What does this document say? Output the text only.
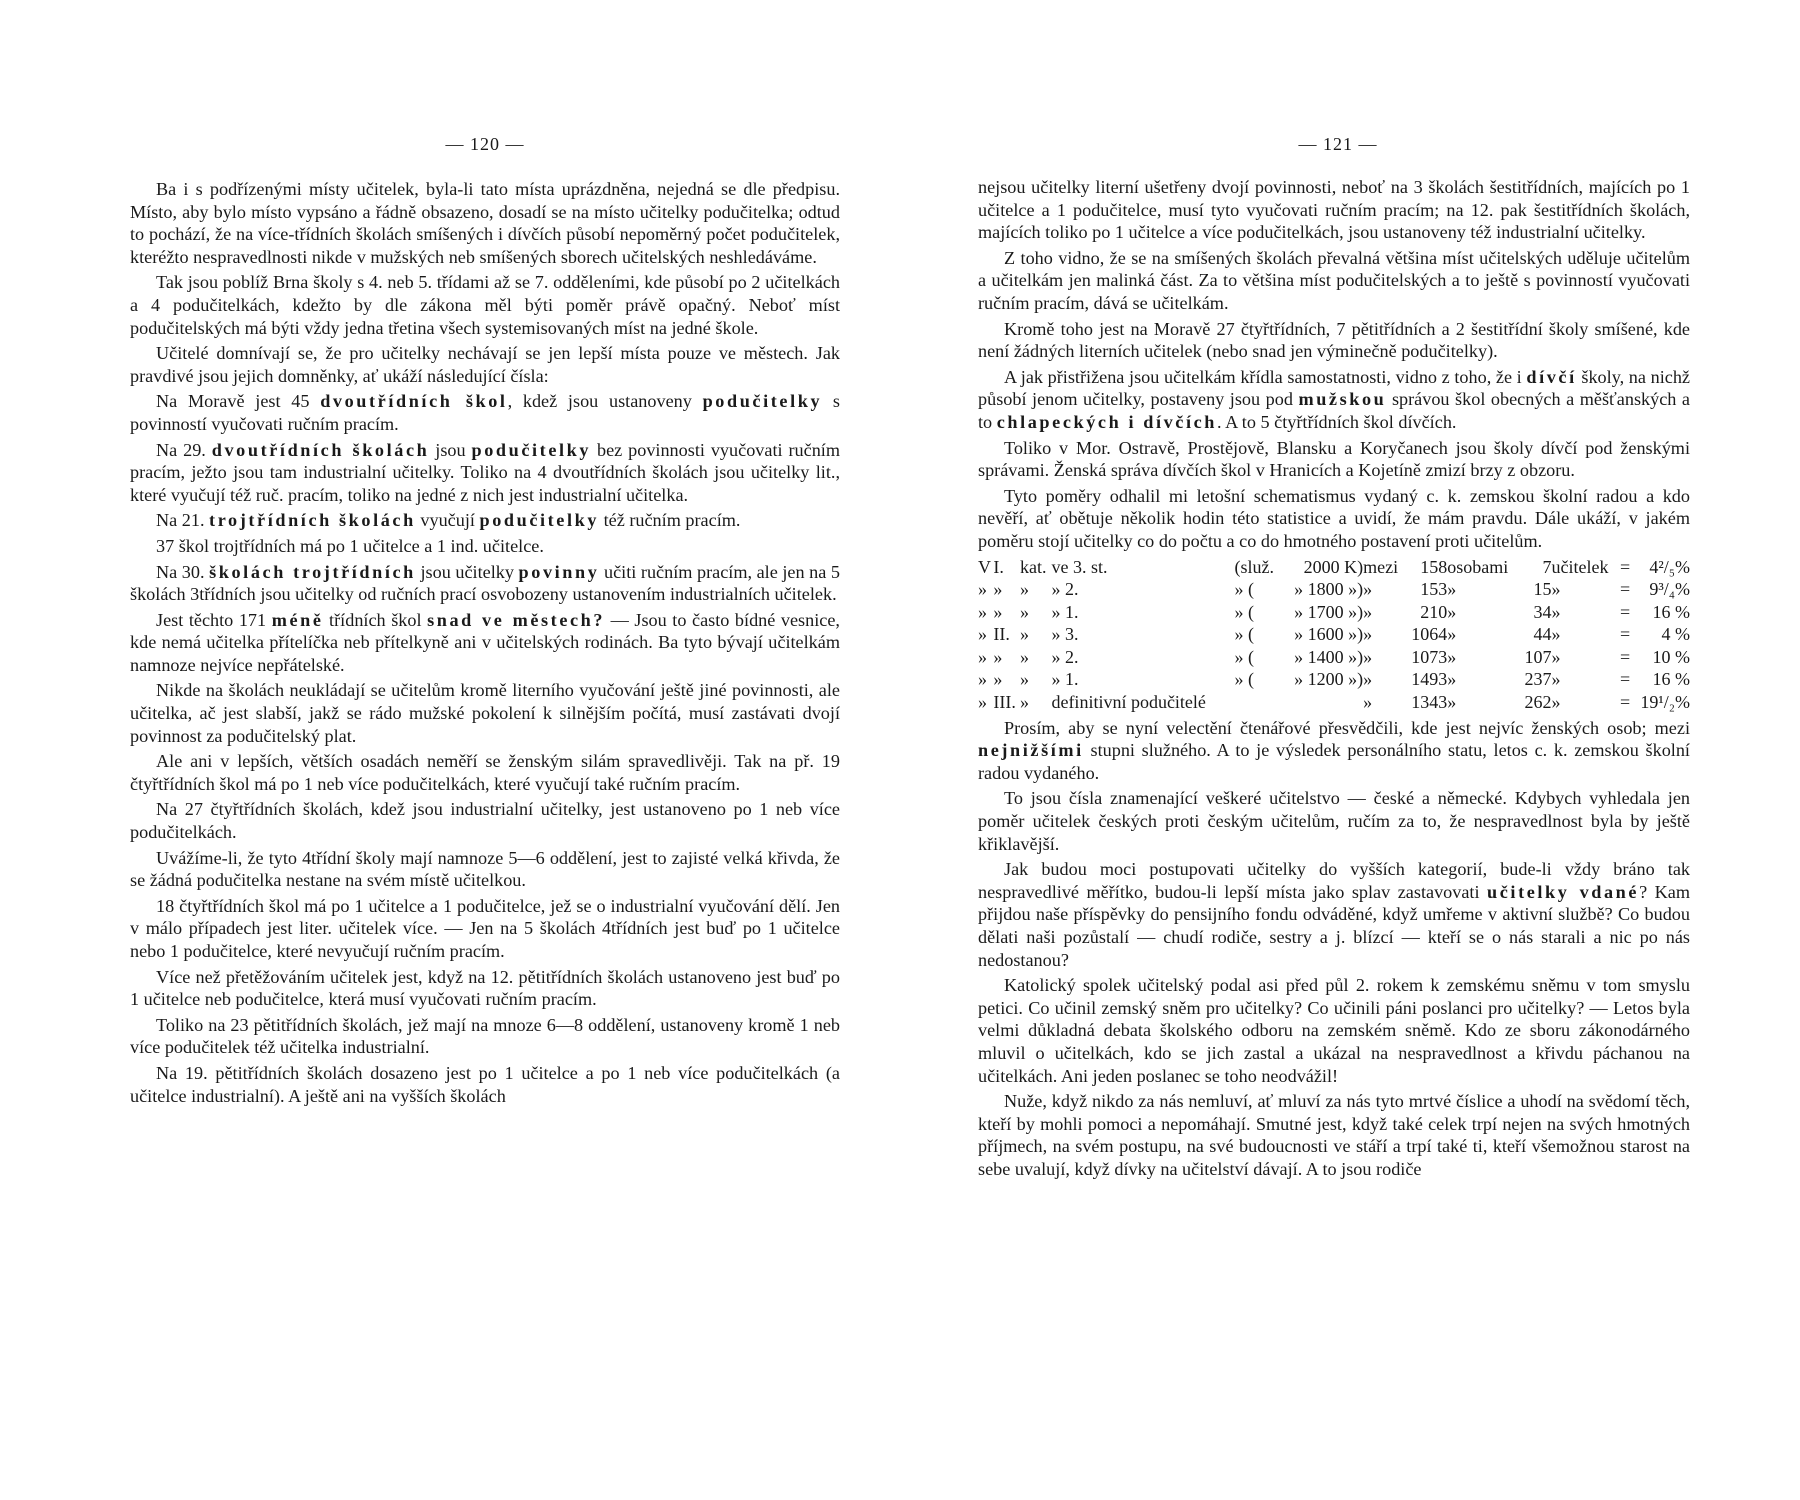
— 120 —

Ba i s podřízenými místy učitelek, byla-li tato místa uprázdněna, nejedná se dle předpisu. Místo, aby bylo místo vypsáno a řádně obsazeno, dosadí se na místo učitelky podučitelka; odtud to pochází, že na více-třídních školách smíšených i dívčích působí nepoměrný počet podučitelek, kteréžto nespravedlnosti nikde v mužských neb smíšených sborech učitelských neshledáváme.

Tak jsou poblíž Brna školy s 4. neb 5. třídami až se 7. odděleními, kde působí po 2 učitelkách a 4 podučitelkách, kdežto by dle zákona měl býti poměr právě opačný. Neboť míst podučitelských má býti vždy jedna třetina všech systemisovaných míst na jedné škole.

Učitelé domnívají se, že pro učitelky nechávají se jen lepší místa pouze ve městech. Jak pravdivé jsou jejich domněnky, ať ukáží následující čísla:

Na Moravě jest 45 dvoutřídních škol, kdež jsou ustanoveny podučitelky s povinností vyučovati ručním pracím.

Na 29. dvoutřídních školách jsou podučitelky bez povinnosti vyučovati ručním pracím, ježto jsou tam industrialní učitelky. Toliko na 4 dvoutřídních školách jsou učitelky lit., které vyučují též ruč. pracím, toliko na jedné z nich jest industrialní učitelka.

Na 21. trojtřídních školách vyučují podučitelky též ručním pracím.

37 škol trojtřídních má po 1 učitelce a 1 ind. učitelce.

Na 30. školách trojtřídních jsou učitelky povinny učiti ručním pracím, ale jen na 5 školách 3třídních jsou učitelky od ručních prací osvobozeny ustanovením industrialních učitelek.

Jest těchto 171 méně třídních škol snad ve městech? — Jsou to často bídné vesnice, kde nemá učitelka přítelíčka neb přítelkyně ani v učitelských rodinách. Ba tyto bývají učitelkám namnoze nejvíce nepřátelské.

Nikde na školách neukládají se učitelům kromě literního vyučování ještě jiné povinnosti, ale učitelka, ač jest slabší, jakž se rádo mužské pokolení k silnějším počítá, musí zastávati dvojí povinnost za podučitelský plat.

Ale ani v lepších, větších osadách neměří se ženským silám spravedlivěji. Tak na př. 19 čtyřtřídních škol má po 1 neb více podučitelkách, které vyučují také ručním pracím.

Na 27 čtyřtřídních školách, kdež jsou industrialní učitelky, jest ustanoveno po 1 neb více podučitelkách.

Uvážíme-li, že tyto 4třídní školy mají namnoze 5—6 oddělení, jest to zajisté velká křivda, že se žádná podučitelka nestane na svém místě učitelkou.

18 čtyřtřídních škol má po 1 učitelce a 1 podučitelce, jež se o industrialní vyučování dělí. Jen v málo případech jest liter. učitelek více. — Jen na 5 školách 4třídních jest buď po 1 učitelce nebo 1 podučitelce, které nevyučují ručním pracím.

Více než přetěžováním učitelek jest, když na 12. pětitřídních školách ustanoveno jest buď po 1 učitelce neb podučitelce, která musí vyučovati ručním pracím.

Toliko na 23 pětitřídních školách, jež mají na mnoze 6—8 oddělení, ustanoveny kromě 1 neb více podučitelek též učitelka industrialní.

Na 19. pětitřídních školách dosazeno jest po 1 učitelce a po 1 neb více podučitelkách (a učitelce industrialní). A ještě ani na vyšších školách

— 121 —

nejsou učitelky literní ušetřeny dvojí povinnosti, neboť na 3 školách šestitřídních, majících po 1 učitelce a 1 podučitelce, musí tyto vyučovati ručním pracím; na 12. pak šestitřídních školách, majících toliko po 1 učitelce a více podučitelkách, jsou ustanoveny též industrialní učitelky.

Z toho vidno, že se na smíšených školách převalná většina míst učitelských uděluje učitelům a učitelkám jen malinká část. Za to většina míst podučitelských a to ještě s povinností vyučovati ručním pracím, dává se učitelkám.

Kromě toho jest na Moravě 27 čtyřtřídních, 7 pětitřídních a 2 šestitřídní školy smíšené, kde není žádných literních učitelek (nebo snad jen výminečně podučitelky).

A jak přistřižena jsou učitelkám křídla samostatnosti, vidno z toho, že i dívčí školy, na nichž působí jenom učitelky, postaveny jsou pod mužskou správou škol obecných a měšťanských a to chlapeckých i dívčích. A to 5 čtyřtřídních škol dívčích.

Toliko v Mor. Ostravě, Prostějově, Blansku a Koryčanech jsou školy dívčí pod ženskými správami. Ženská správa dívčích škol v Hranicích a Kojetíně zmizí brzy z obzoru.

Tyto poměry odhalil mi letošní schematismus vydaný c. k. zemskou školní radou a kdo nevěří, ať obětuje několik hodin této statistice a uvidí, že mám pravdu. Dále ukáží, v jakém poměru stojí učitelky co do počtu a co do hmotného postavení proti učitelům.

V	I.	kat.	ve 3. st.	(služ.	2000 K)	mezi	158	osobami	7	učitelek	=	4²/₅%
»	»	»	» 2.	» (	» 1800 »)	»	153	»	15	»	=	9³/₄%
»	»	»	» 1.	» (	» 1700 »)	»	210	»	34	»	=	16 %
»	II.	»	» 3.	» (	» 1600 »)	»	1064	»	44	»	=	4 %
»	»	»	» 2.	» (	» 1400 »)	»	1073	»	107	»	=	10 %
»	»	»	» 1.	» (	» 1200 »)	»	1493	»	237	»	=	16 %
»	III.	»	definitivní podučitelé			»	1343	»	262	»	=	19¹/₂%

Prosím, aby se nyní velectění čtenářové přesvědčili, kde jest nejvíc ženských osob; mezi nejnižšími stupni služného. A to je výsledek personálního statu, letos c. k. zemskou školní radou vydaného.

To jsou čísla znamenající veškeré učitelstvo — české a německé. Kdybych vyhledala jen poměr učitelek českých proti českým učitelům, ručím za to, že nespravedlnost byla by ještě křiklavější.

Jak budou moci postupovati učitelky do vyšších kategorií, bude-li vždy bráno tak nespravedlivé měřítko, budou-li lepší místa jako splav zastavovati učitelky vdané? Kam přijdou naše příspěvky do pensijního fondu odváděné, když umřeme v aktivní službě? Co budou dělati naši pozůstalí — chudí rodiče, sestry a j. blízcí — kteří se o nás starali a nic po nás nedostanou?

Katolický spolek učitelský podal asi před půl 2. rokem k zemskému sněmu v tom smyslu petici. Co učinil zemský sněm pro učitelky? Co učinili páni poslanci pro učitelky? — Letos byla velmi důkladná debata školského odboru na zemském sněmě. Kdo ze sboru zákonodárného mluvil o učitelkách, kdo se jich zastal a ukázal na nespravedlnost a křivdu páchanou na učitelkách. Ani jeden poslanec se toho neodvážil!

Nuže, když nikdo za nás nemluví, ať mluví za nás tyto mrtvé číslice a uhodí na svědomí těch, kteří by mohli pomoci a nepomáhají. Smutné jest, když také celek trpí nejen na svých hmotných příjmech, na svém postupu, na své budoucnosti ve stáří a trpí také ti, kteří všemožnou starost na sebe uvalují, když dívky na učitelství dávají. A to jsou rodiče
